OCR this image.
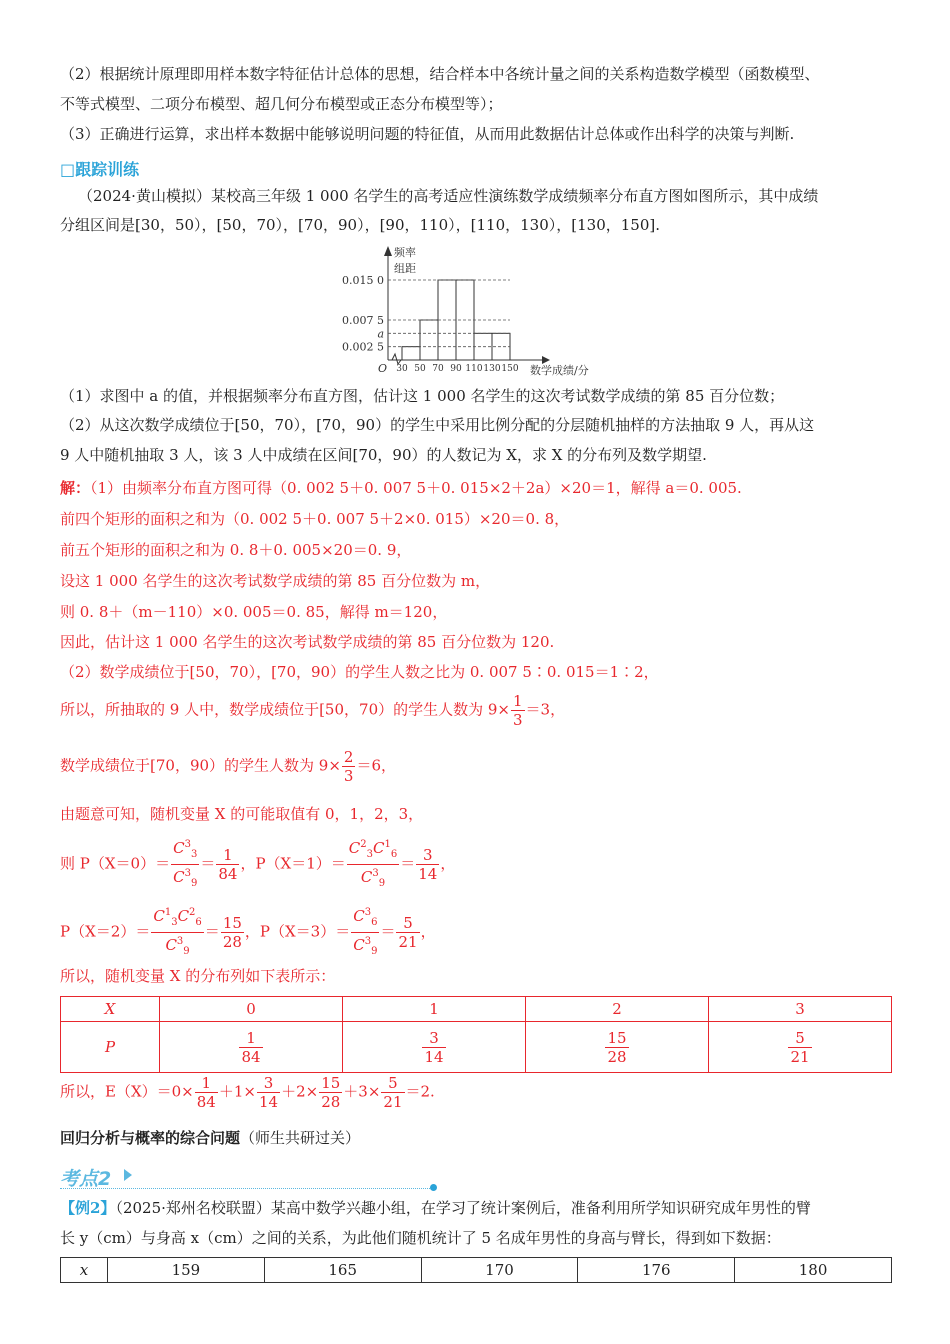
（2）根据统计原理即用样本数字特征估计总体的思想，结合样本中各统计量之间的关系构造数学模型（函数模型、
不等式模型、二项分布模型、超几何分布模型或正态分布模型等）；
（3）正确进行运算，求出样本数据中能够说明问题的特征值，从而用此数据估计总体或作出科学的决策与判断.
□跟踪训练
（2024·黄山模拟）某校高三年级 1 000 名学生的高考适应性演练数学成绩频率分布直方图如图所示，其中成绩
分组区间是[30，50），[50，70），[70，90），[90，110），[110，130），[130，150].
频率
组距
O	数学成绩/分
0.015 0
0.007 5
a
0.002 5
30 50 70 90 110 130 150
（1）求图中 a 的值，并根据频率分布直方图，估计这 1 000 名学生的这次考试数学成绩的第 85 百分位数；
（2）从这次数学成绩位于[50，70），[70，90）的学生中采用比例分配的分层随机抽样的方法抽取 9 人，再从这
9 人中随机抽取 3 人，该 3 人中成绩在区间[70，90）的人数记为 X，求 X 的分布列及数学期望.
解：（1）由频率分布直方图可得（0. 002 5＋0. 007 5＋0. 015×2＋2a）×20＝1，解得 a＝0. 005.
前四个矩形的面积之和为（0. 002 5＋0. 007 5＋2×0. 015）×20＝0. 8，
前五个矩形的面积之和为 0. 8＋0. 005×20＝0. 9，
设这 1 000 名学生的这次考试数学成绩的第 85 百分位数为 m，
则 0. 8＋（m－110）×0. 005＝0. 85，解得 m＝120，
因此，估计这 1 000 名学生的这次考试数学成绩的第 85 百分位数为 120.
（2）数学成绩位于[50，70），[70，90）的学生人数之比为 0. 007 5∶0. 015＝1∶2，
所以，所抽取的 9 人中，数学成绩位于[50，70）的学生人数为 $9\times \frac{1}{3} =3$，
数学成绩位于[70，90）的学生人数为 $9\times \frac{2}{3} =6$，
由题意可知，随机变量 X 的可能取值有 0，1，2，3，
则 $P(X=0)= \frac{C^3_3}{C^3_9} = \frac{1}{84}$ ，$P(X=1)= \frac{C^2_3C^1_6}{C^3_9} = \frac{3}{14}$ ，
$P(X=2)= \frac{C^1_3C^2_6}{C^3_9} = \frac{15}{28}$ ，$P(X=3)= \frac{C^3_6}{C^3_9} = \frac{5}{21}$ ，
所以，随机变量 X 的分布列如下表所示：
X	0	1	2	3
P	$\frac{1}{84}$	$\frac{3}{14}$	$\frac{15}{28}$	$\frac{5}{21}$
所以，$E(X)=0\times \frac{1}{84} +1\times \frac{3}{14} +2\times \frac{15}{28} +3\times \frac{5}{21} =2$.
回归分析与概率的综合问题（师生共研过关）
考点2
【例2】（2025·郑州名校联盟）某高中数学兴趣小组，在学习了统计案例后，准备利用所学知识研究成年男性的臂
长 y（cm）与身高 x（cm）之间的关系，为此他们随机统计了 5 名成年男性的身高与臂长，得到如下数据：
x	159	165	170	176	180
